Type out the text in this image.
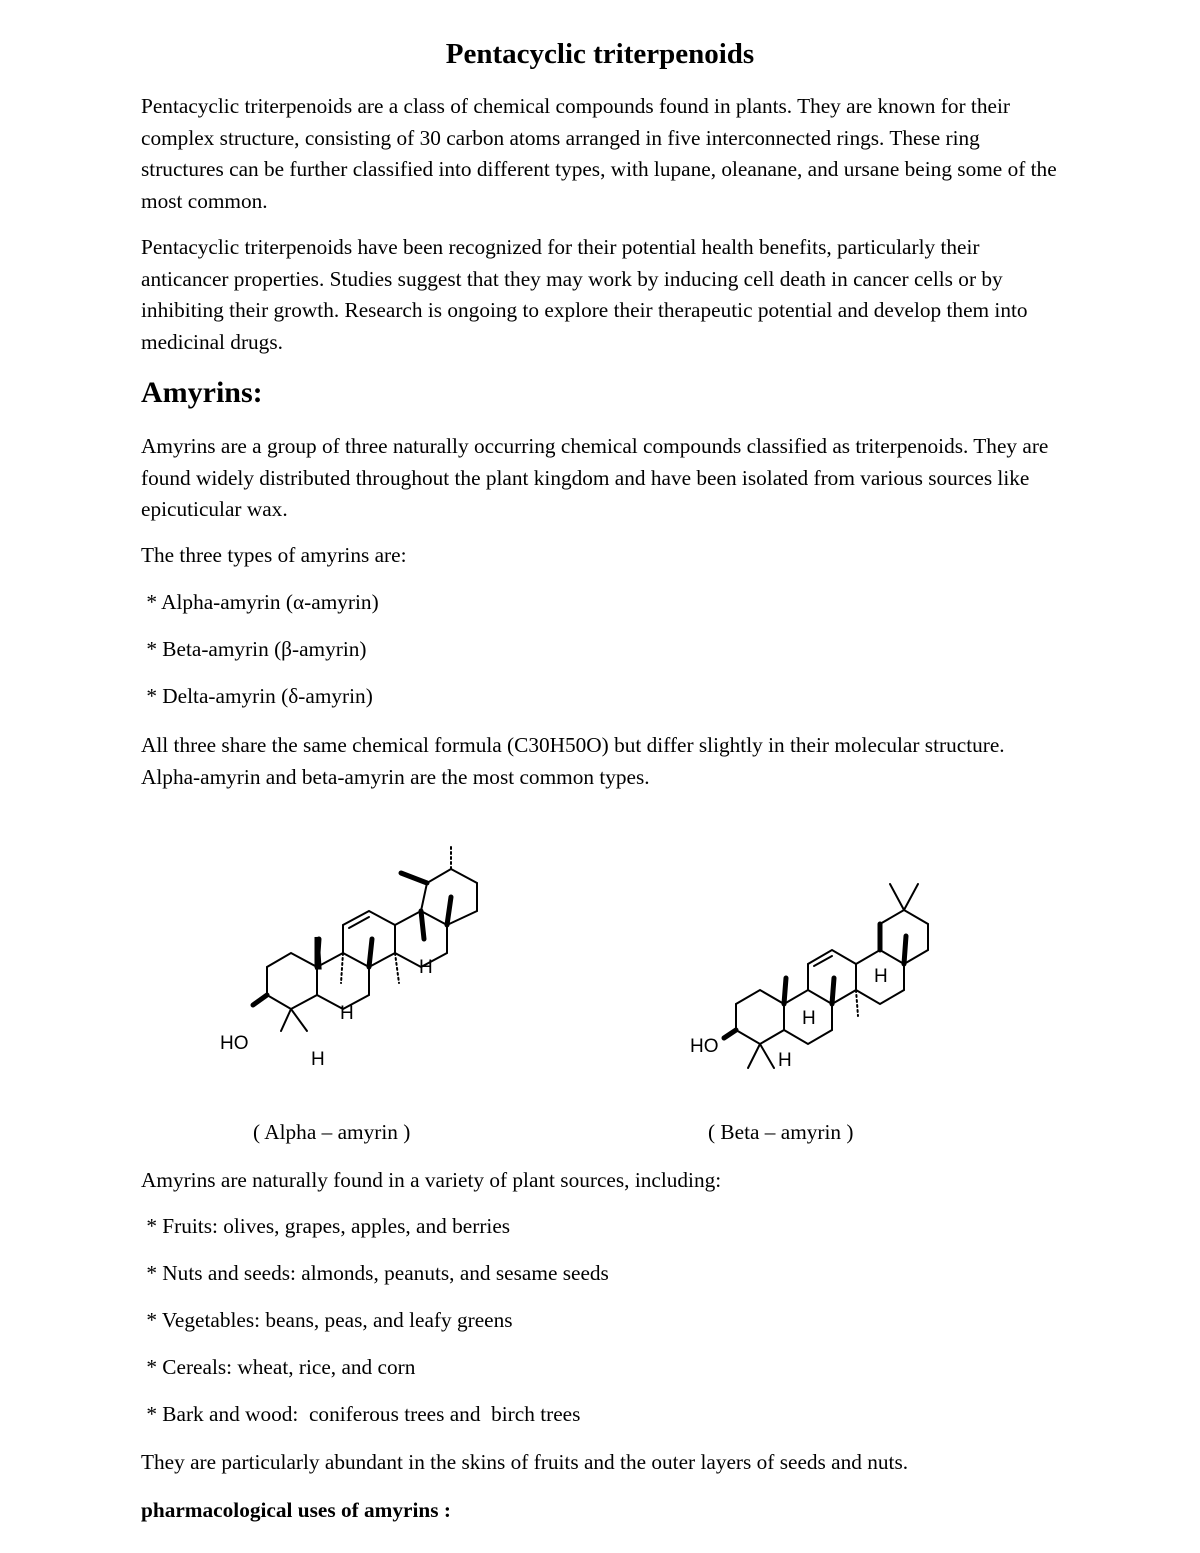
Pentacyclic triterpenoids

Pentacyclic triterpenoids are a class of chemical compounds found in plants. They are known for their complex structure, consisting of 30 carbon atoms arranged in five interconnected rings. These ring structures can be further classified into different types, with lupane, oleanane, and ursane being some of the most common.

Pentacyclic triterpenoids have been recognized for their potential health benefits, particularly their anticancer properties. Studies suggest that they may work by inducing cell death in cancer cells or by inhibiting their growth. Research is ongoing to explore their therapeutic potential and develop them into medicinal drugs.

Amyrins:

Amyrins are a group of three naturally occurring chemical compounds classified as triterpenoids. They are found widely distributed throughout the plant kingdom and have been isolated from various sources like epicuticular wax.

The three types of amyrins are:
* Alpha-amyrin (α-amyrin)
* Beta-amyrin (β-amyrin)
* Delta-amyrin (δ-amyrin)

All three share the same chemical formula (C30H50O) but differ slightly in their molecular structure. Alpha-amyrin and beta-amyrin are the most common types.

HO
H
H
H
HO
H
H
H
( Alpha – amyrin )	( Beta – amyrin )
Amyrins are naturally found in a variety of plant sources, including:
* Fruits: olives, grapes, apples, and berries
* Nuts and seeds: almonds, peanuts, and sesame seeds
* Vegetables: beans, peas, and leafy greens
* Cereals: wheat, rice, and corn
* Bark and wood:  coniferous trees and  birch trees
They are particularly abundant in the skins of fruits and the outer layers of seeds and nuts.
pharmacological uses of amyrins :
